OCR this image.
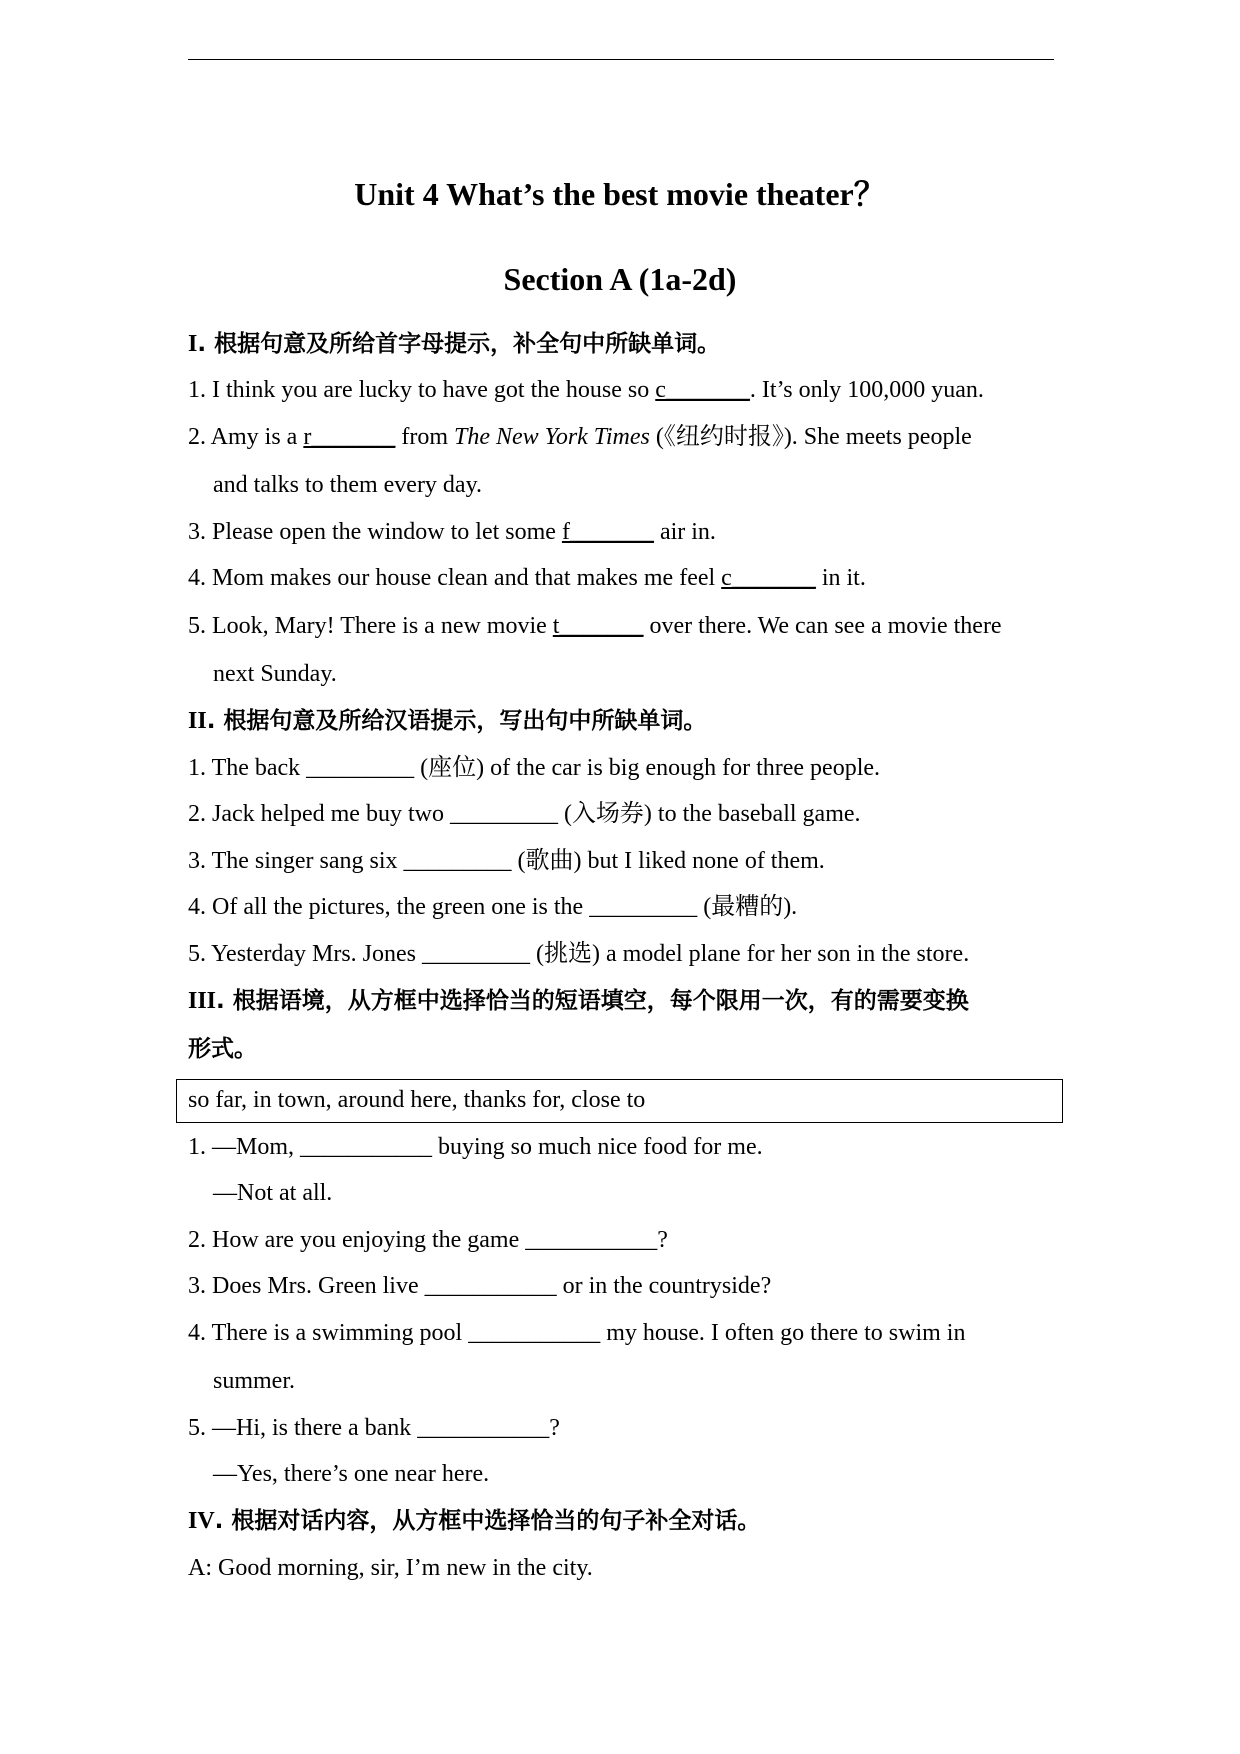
Unit 4 What’s the best movie theater？
Section A (1a-2d)
I. 根据句意及所给首字母提示，补全句中所缺单词。
1. I think you are lucky to have got the house so c_______. It’s only 100,000 yuan.
2. Amy is a r_______ from The New York Times (《纽约时报》). She meets people
and talks to them every day.
3. Please open the window to let some f_______ air in.
4. Mom makes our house clean and that makes me feel c_______ in it.
5. Look, Mary! There is a new movie t_______ over there. We can see a movie there
next Sunday.
II. 根据句意及所给汉语提示，写出句中所缺单词。
1. The back _________ (座位) of the car is big enough for three people.
2. Jack helped me buy two _________ (入场券) to the baseball game.
3. The singer sang six _________ (歌曲) but I liked none of them.
4. Of all the pictures, the green one is the _________ (最糟的).
5. Yesterday Mrs. Jones _________ (挑选) a model plane for her son in the store.
III. 根据语境，从方框中选择恰当的短语填空，每个限用一次，有的需要变换
形式。
so far, in town, around here, thanks for, close to
1. —Mom, ___________ buying so much nice food for me.
—Not at all.
2. How are you enjoying the game ___________?
3. Does Mrs. Green live ___________ or in the countryside?
4. There is a swimming pool ___________ my house. I often go there to swim in
summer.
5. —Hi, is there a bank ___________?
—Yes, there’s one near here.
IV. 根据对话内容，从方框中选择恰当的句子补全对话。
A: Good morning, sir, I’m new in the city.
